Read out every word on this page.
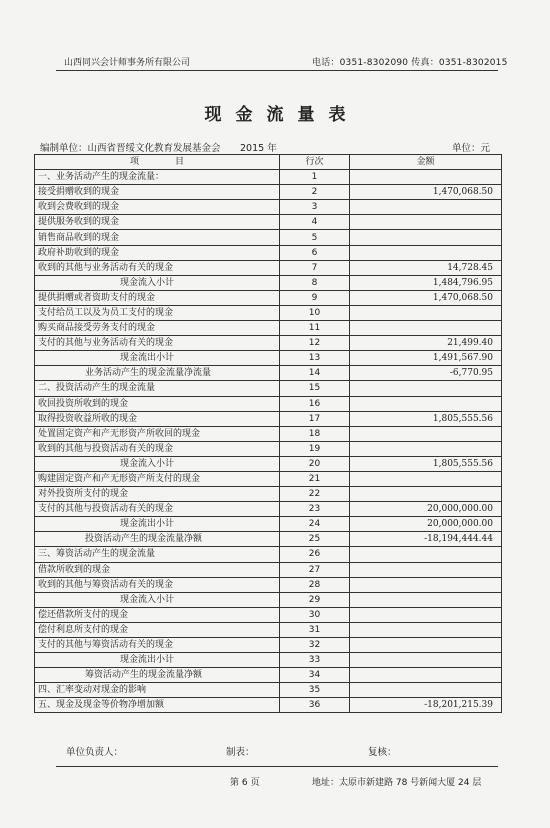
山西同兴会计师事务所有限公司	电话：0351-8302090 传真：0351-8302015
现金流量表
编制单位：山西省晋绥文化教育发展基金会 2015 年	单位：元
项　　　　目	行次	金额
一、业务活动产生的现金流量：	1	
接受捐赠收到的现金	2	1,470,068.50
收到会费收到的现金	3	
提供服务收到的现金	4	
销售商品收到的现金	5	
政府补助收到的现金	6	
收到的其他与业务活动有关的现金	7	14,728.45
现金流入小计	8	1,484,796.95
提供捐赠或者资助支付的现金	9	1,470,068.50
支付给员工以及为员工支付的现金	10	
购买商品接受劳务支付的现金	11	
支付的其他与业务活动有关的现金	12	21,499.40
现金流出小计	13	1,491,567.90
业务活动产生的现金流量净流量	14	-6,770.95
二、投资活动产生的现金流量	15	
收回投资所收到的现金	16	
取得投资收益所收的现金	17	1,805,555.56
处置固定资产和产无形资产所收回的现金	18	
收到的其他与投资活动有关的现金	19	
现金流入小计	20	1,805,555.56
购建固定资产和产无形资产所支付的现金	21	
对外投资所支付的现金	22	
支付的其他与投资活动有关的现金	23	20,000,000.00
现金流出小计	24	20,000,000.00
投资活动产生的现金流量净额	25	-18,194,444.44
三、筹资活动产生的现金流量	26	
借款所收到的现金	27	
收到的其他与筹资活动有关的现金	28	
现金流入小计	29	
偿还借款所支付的现金	30	
偿付利息所支付的现金	31	
支付的其他与筹资活动有关的现金	32	
现金流出小计	33	
筹资活动产生的现金流量净额	34	
四、汇率变动对现金的影响	35	
五、现金及现金等价物净增加额	36	-18,201,215.39
单位负责人：	制表：	复核：
第 6 页	地址：太原市新建路 78 号新闻大厦 24 层
